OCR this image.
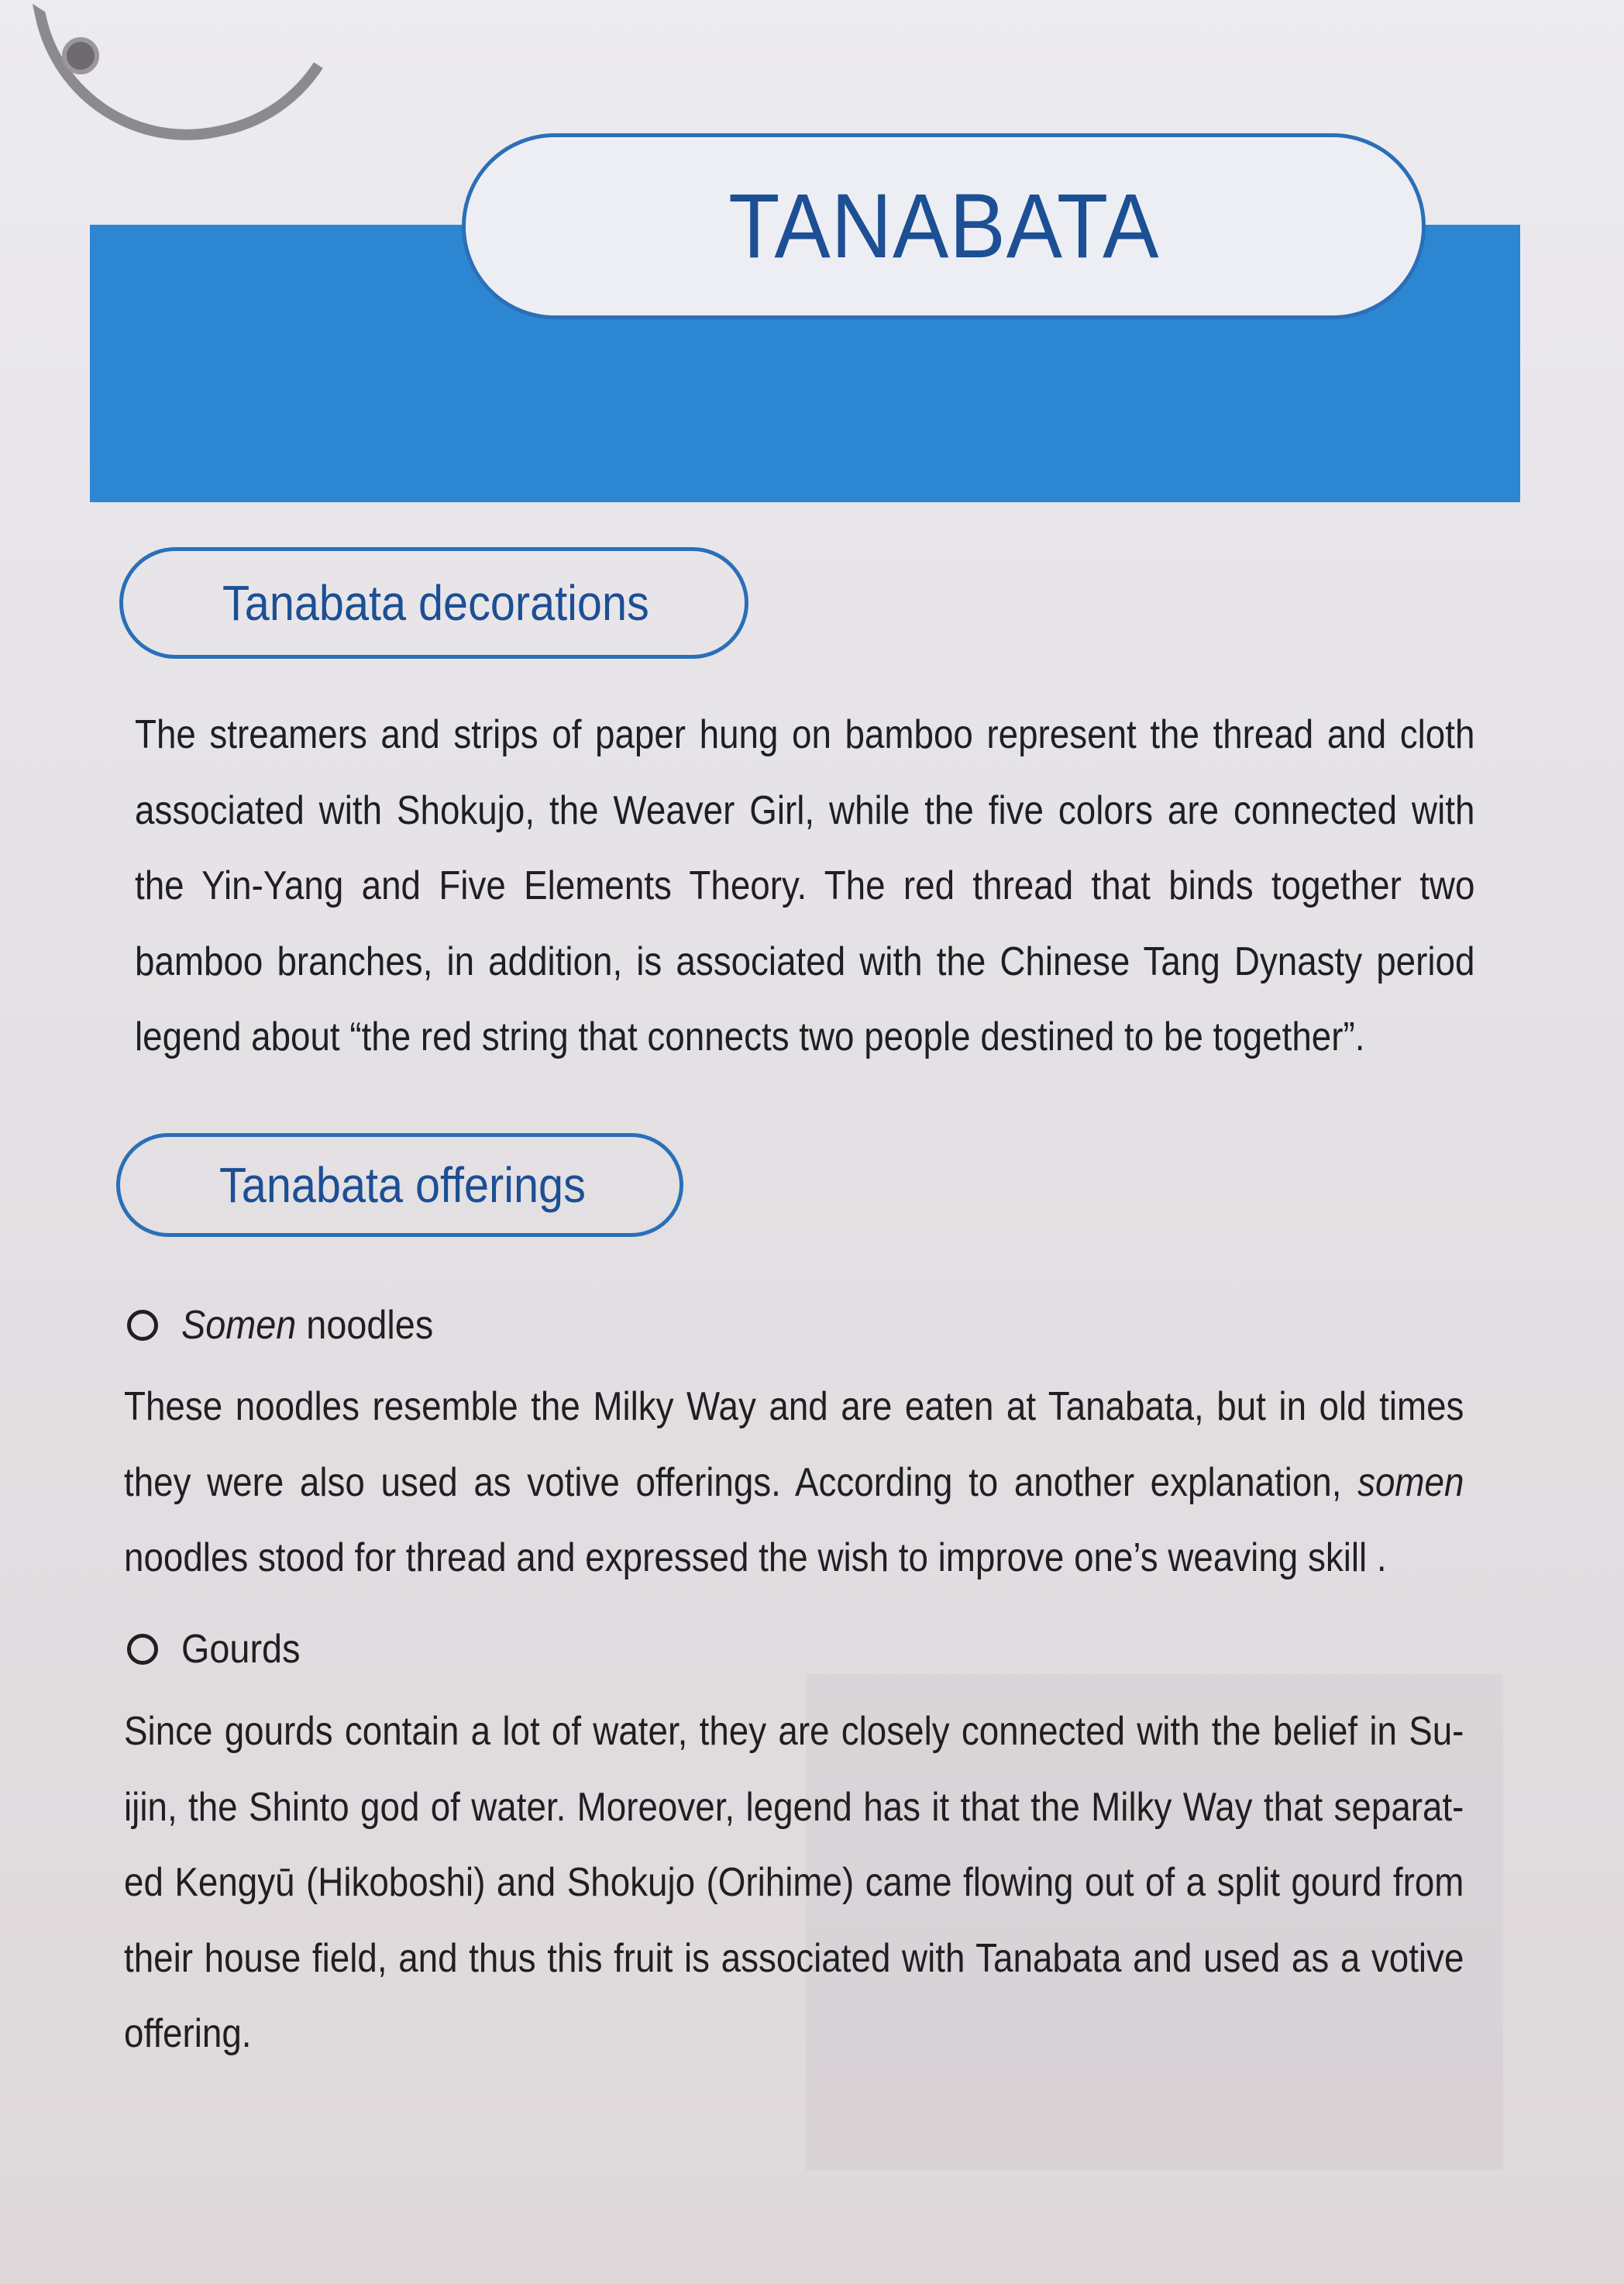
TANABATA
Tanabata decorations
The streamers and strips of paper hung on bamboo represent the thread and cloth associated with Shokujo, the Weaver Girl, while the five colors are connected with the Yin-Yang and Five Elements Theory. The red thread that binds together two bamboo branches, in addition, is associated with the Chinese Tang Dynasty period legend about “the red string that connects two people destined to be together”.
Tanabata offerings
Somen noodles
These noodles resemble the Milky Way and are eaten at Tanabata, but in old times they were also used as votive offerings. According to another explanation, somen noodles stood for thread and expressed the wish to improve one’s weaving skill .
Gourds
Since gourds contain a lot of water, they are closely connected with the belief in Su-ijin, the Shinto god of water. Moreover, legend has it that the Milky Way that separat-ed Kengyū (Hikoboshi) and Shokujo (Orihime) came flowing out of a split gourd from their house field, and thus this fruit is associated with Tanabata and used as a votive offering.
